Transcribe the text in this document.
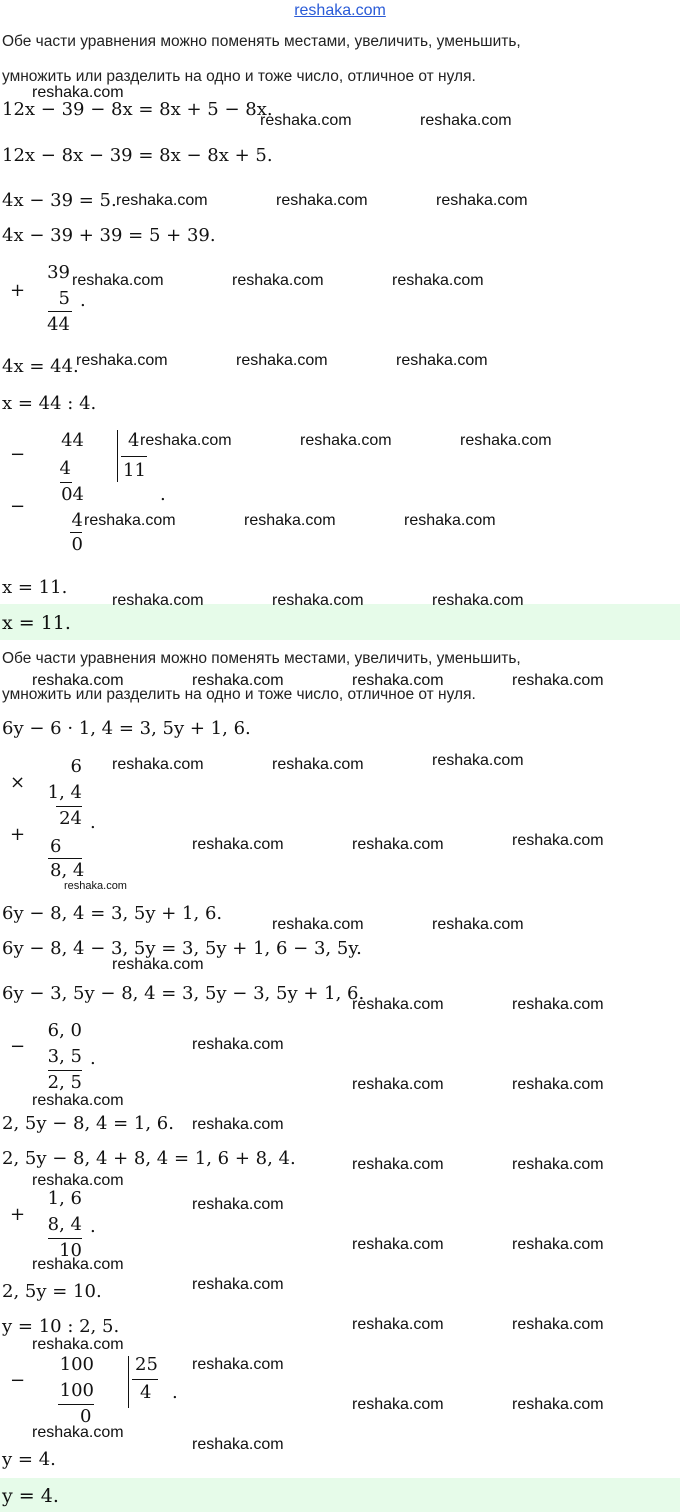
reshaka.com
Обе части уравнения можно поменять местами, увеличить, уменьшить,
умножить или разделить на одно и тоже число, отличное от нуля.
12x − 39 − 8x = 8x + 5 − 8x.
12x − 8x − 39 = 8x − 8x + 5.
4x − 39 = 5.
4x − 39 + 39 = 5 + 39.
+
39
5
44
.
4x = 44.
x = 44 : 4.
−
44
4
04
4
11
.
−
4
0
x = 11.
x = 11.
Обе части уравнения можно поменять местами, увеличить, уменьшить,
умножить или разделить на одно и тоже число, отличное от нуля.
6y − 6 · 1, 4 = 3, 5y + 1, 6.
×
6
1, 4
24
+
6
8, 4
.
6y − 8, 4 = 3, 5y + 1, 6.
6y − 8, 4 − 3, 5y = 3, 5y + 1, 6 − 3, 5y.
6y − 3, 5y − 8, 4 = 3, 5y − 3, 5y + 1, 6.
−
6, 0
3, 5
2, 5
.
2, 5y − 8, 4 = 1, 6.
2, 5y − 8, 4 + 8, 4 = 1, 6 + 8, 4.
+
1, 6
8, 4
10
.
2, 5y = 10.
y = 10 : 2, 5.
−
100
100
0
25
4 .
y = 4.
y = 4.
reshaka.com
reshaka.com	reshaka.com
reshaka.com	reshaka.com	reshaka.com
reshaka.com	reshaka.com	reshaka.com
reshaka.com	reshaka.com	reshaka.com
reshaka.com	reshaka.com	reshaka.com
reshaka.com	reshaka.com	reshaka.com
reshaka.com	reshaka.com	reshaka.com
reshaka.com	reshaka.com	reshaka.com	reshaka.com
reshaka.com	reshaka.com	reshaka.com
reshaka.com	reshaka.com	reshaka.com
reshaka.com
reshaka.com	reshaka.com
reshaka.com
reshaka.com	reshaka.com
reshaka.com
reshaka.com	reshaka.com
reshaka.com
reshaka.com
reshaka.com	reshaka.com
reshaka.com
reshaka.com
reshaka.com	reshaka.com
reshaka.com
reshaka.com
reshaka.com	reshaka.com
reshaka.com
reshaka.com
reshaka.com	reshaka.com
reshaka.com
reshaka.com
